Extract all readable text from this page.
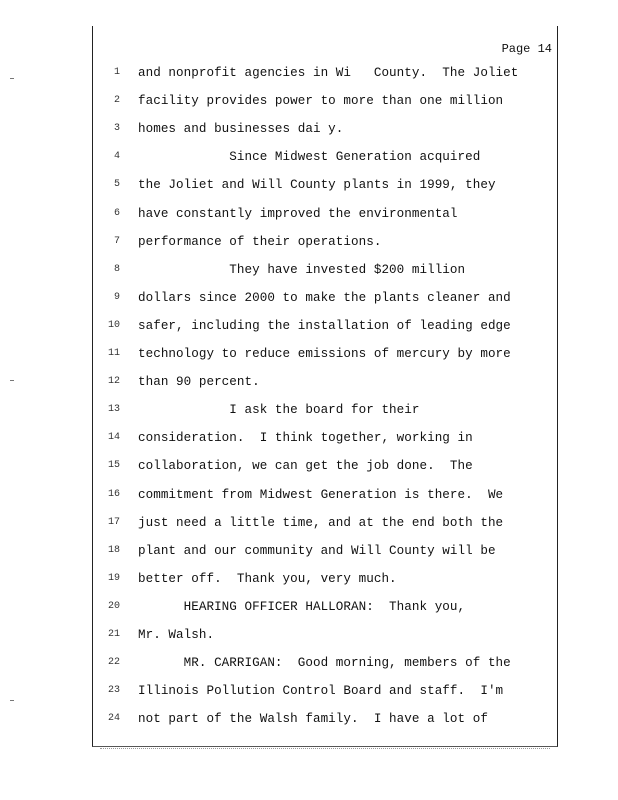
Page 14
1 and nonprofit agencies in Wi   County.  The Joliet
2 facility provides power to more than one million
3 homes and businesses dai y.
4 Since Midwest Generation acquired
5 the Joliet and Will County plants in 1999, they
6 have constantly improved the environmental
7 performance of their operations.
8 They have invested $200 million
9 dollars since 2000 to make the plants cleaner and
10 safer, including the installation of leading edge
11 technology to reduce emissions of mercury by more
12 than 90 percent.
13 I ask the board for their
14 consideration.  I think together, working in
15 collaboration, we can get the job done.  The
16 commitment from Midwest Generation is there.  We
17 just need a little time, and at the end both the
18 plant and our community and Will County will be
19 better off.  Thank you, very much.
20 HEARING OFFICER HALLORAN:  Thank you,
21 Mr. Walsh.
22 MR. CARRIGAN:  Good morning, members of the
23 Illinois Pollution Control Board and staff.  I'm
24 not part of the Walsh family.  I have a lot of
